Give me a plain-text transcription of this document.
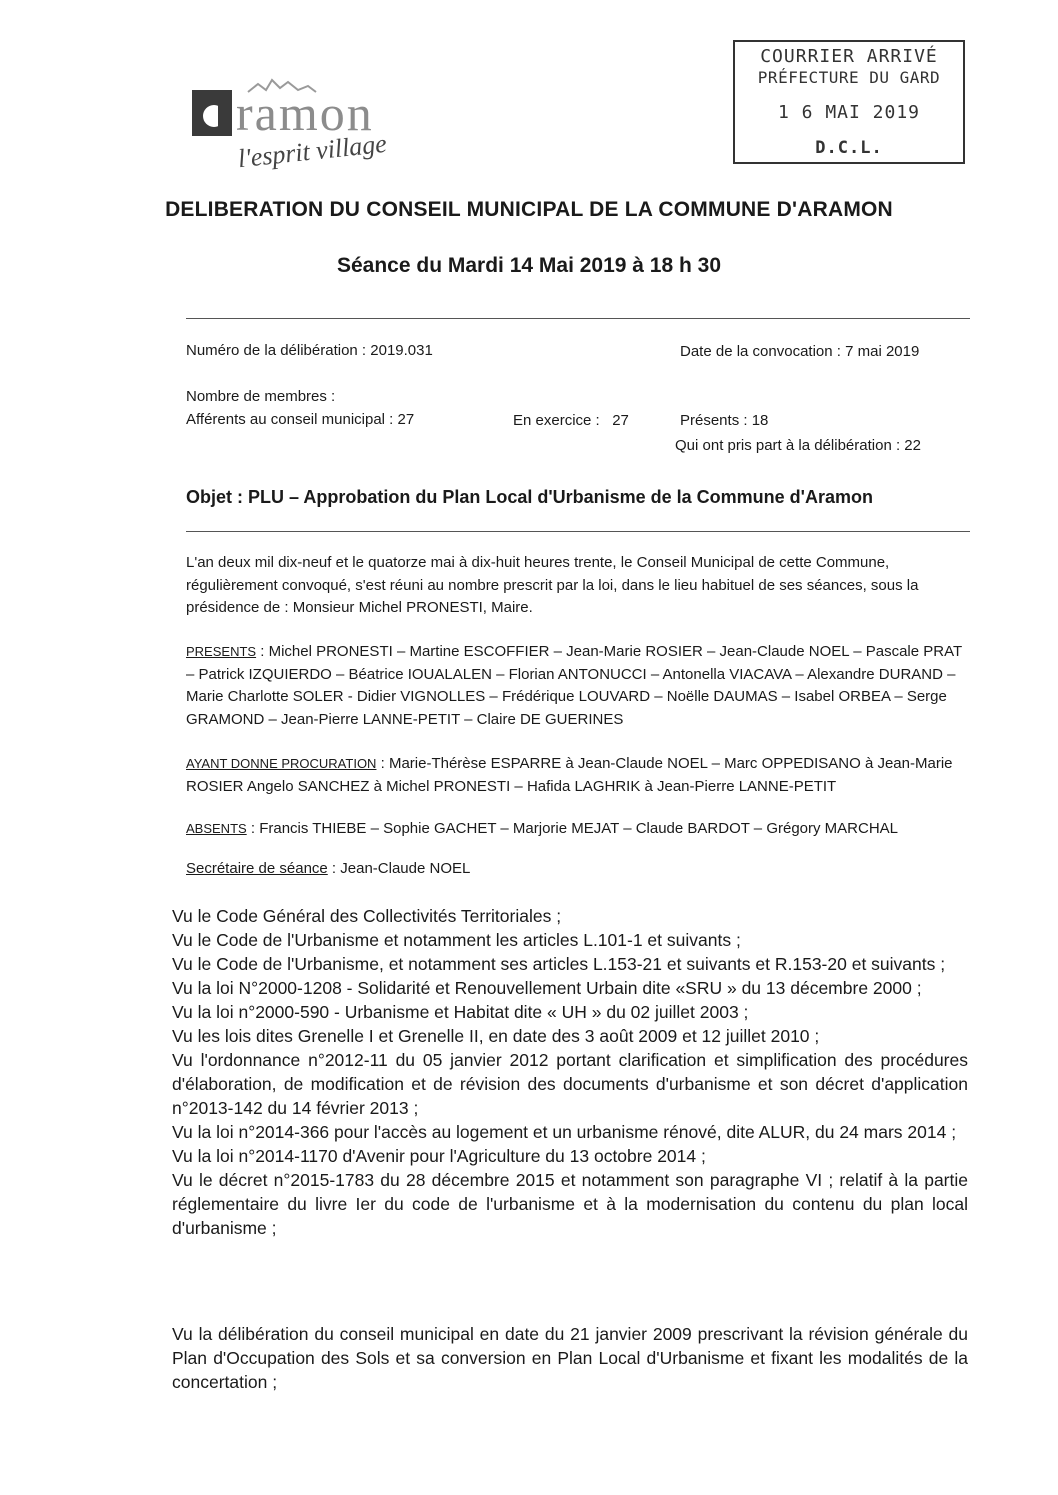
ramon
l'esprit village
COURRIER ARRIVÉ
PRÉFECTURE DU GARD
1 6 MAI 2019
D.C.L.
DELIBERATION DU CONSEIL MUNICIPAL DE LA COMMUNE D'ARAMON
Séance du Mardi 14 Mai 2019 à 18 h 30
Numéro de la délibération : 2019.031	Date de la convocation : 7 mai 2019
Nombre de membres :
Afférents au conseil municipal : 27	En exercice :   27	Présents : 18
Qui ont pris part à la délibération : 22
Objet : PLU – Approbation du Plan Local d'Urbanisme de la Commune d'Aramon
L'an deux mil dix-neuf et le quatorze mai à dix-huit heures trente, le Conseil Municipal de cette Commune, régulièrement convoqué, s'est réuni au nombre prescrit par la loi, dans le lieu habituel de ses séances, sous la présidence de : Monsieur Michel PRONESTI, Maire.
PRESENTS : Michel PRONESTI – Martine ESCOFFIER – Jean-Marie ROSIER – Jean-Claude NOEL – Pascale PRAT – Patrick IZQUIERDO – Béatrice IOUALALEN – Florian ANTONUCCI – Antonella VIACAVA – Alexandre DURAND – Marie Charlotte SOLER - Didier VIGNOLLES – Frédérique LOUVARD – Noëlle DAUMAS – Isabel ORBEA – Serge GRAMOND – Jean-Pierre LANNE-PETIT – Claire DE GUERINES
AYANT DONNE PROCURATION : Marie-Thérèse ESPARRE à Jean-Claude NOEL – Marc OPPEDISANO à Jean-Marie ROSIER Angelo SANCHEZ à Michel PRONESTI – Hafida LAGHRIK à Jean-Pierre LANNE-PETIT
ABSENTS : Francis THIEBE – Sophie GACHET – Marjorie MEJAT – Claude BARDOT – Grégory MARCHAL
Secrétaire de séance : Jean-Claude NOEL
Vu le Code Général des Collectivités Territoriales ;
Vu le Code de l'Urbanisme et notamment les articles L.101-1 et suivants ;
Vu le Code de l'Urbanisme, et notamment ses articles L.153-21 et suivants et R.153-20 et suivants ;
Vu la loi N°2000-1208 - Solidarité et Renouvellement Urbain dite «SRU » du 13 décembre 2000 ;
Vu la loi n°2000-590 - Urbanisme et Habitat dite « UH » du 02 juillet 2003 ;
Vu les lois dites Grenelle I et Grenelle II, en date des 3 août 2009 et 12 juillet 2010 ;
Vu l'ordonnance n°2012-11 du 05 janvier 2012 portant clarification et simplification des procédures d'élaboration, de modification et de révision des documents d'urbanisme et son décret d'application n°2013-142 du 14 février 2013 ;
Vu la loi n°2014-366 pour l'accès au logement et un urbanisme rénové, dite ALUR, du 24 mars 2014 ;
Vu la loi n°2014-1170 d'Avenir pour l'Agriculture du 13 octobre 2014 ;
Vu le décret n°2015-1783 du 28 décembre 2015 et notamment son paragraphe VI ; relatif à la partie réglementaire du livre Ier du code de l'urbanisme et à la modernisation du contenu du plan local d'urbanisme ;
Vu la délibération du conseil municipal en date du 21 janvier 2009 prescrivant la révision générale du Plan d'Occupation des Sols et sa conversion en Plan Local d'Urbanisme et fixant les modalités de la concertation ;
